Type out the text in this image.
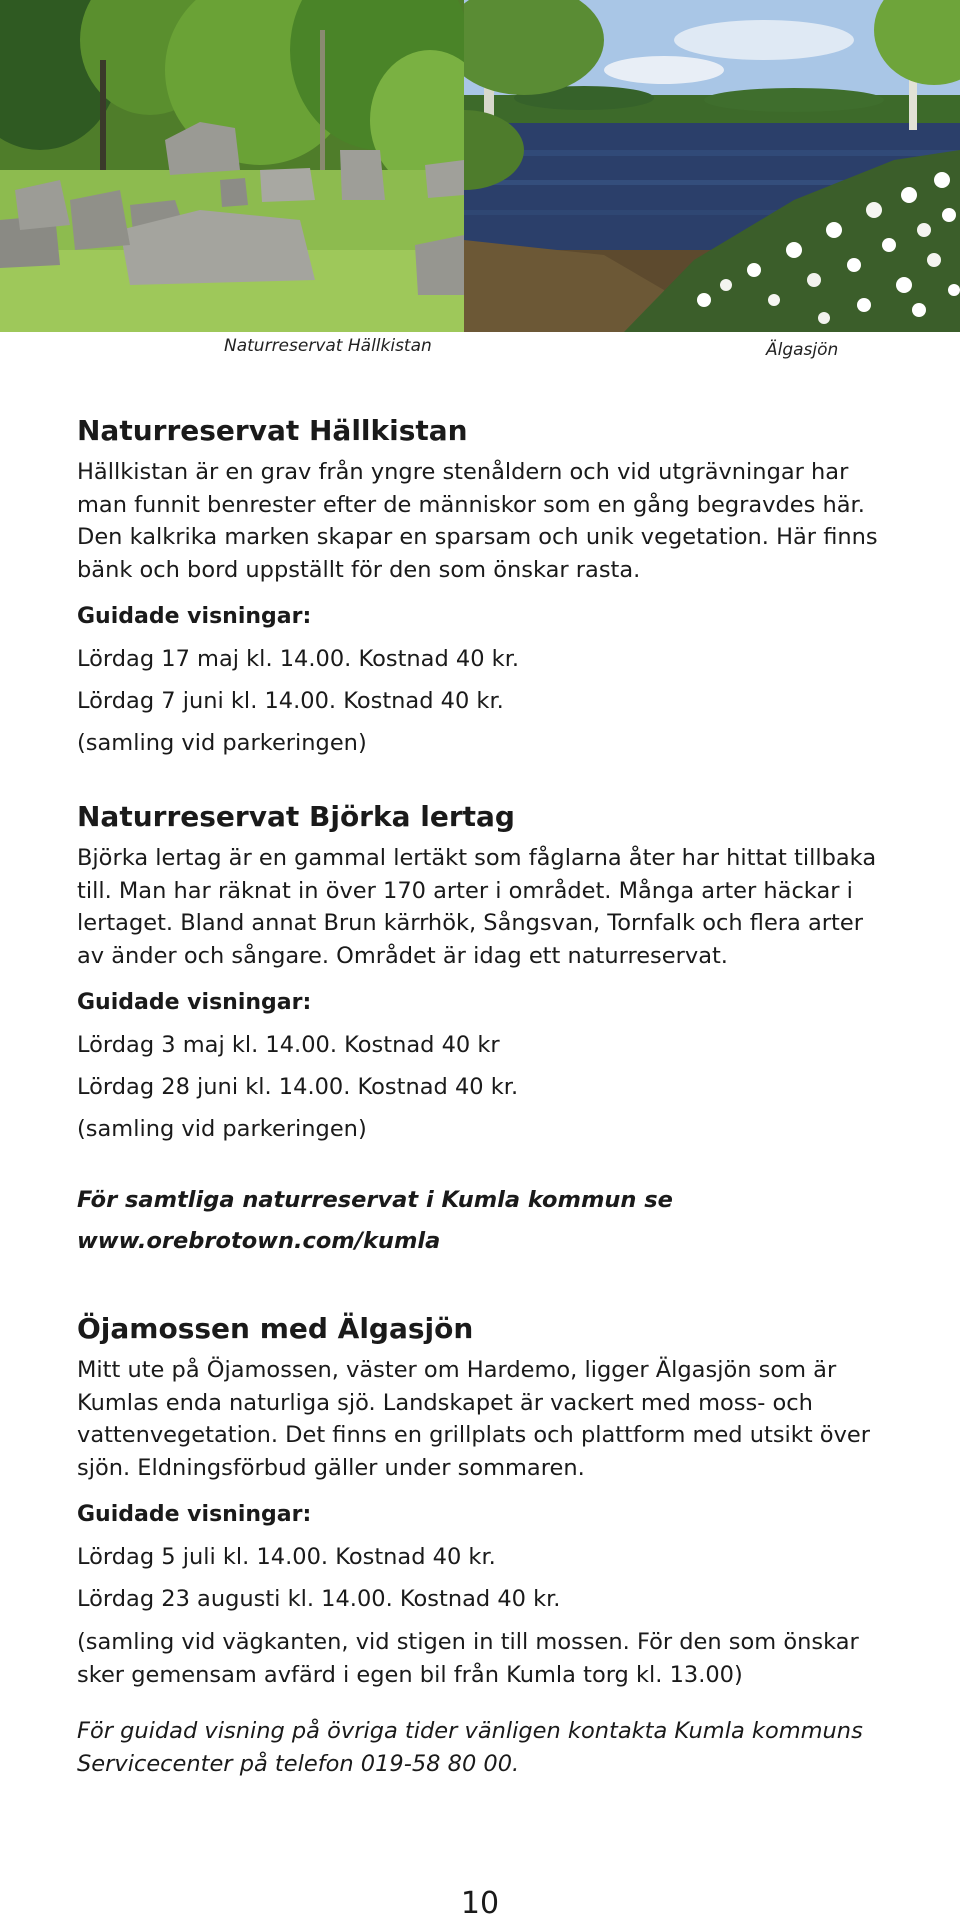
Naturreservat Hällkistan	Älgasjön
Naturreservat Hällkistan

Hällkistan är en grav från yngre stenåldern och vid utgrävningar har man funnit benrester efter de människor som en gång begravdes här. Den kalkrika marken skapar en sparsam och unik vegetation. Här finns bänk och bord uppställt för den som önskar rasta.

Guidade visningar:

Lördag 17 maj kl. 14.00. Kostnad 40 kr.

Lördag 7 juni kl. 14.00. Kostnad 40 kr.

(samling vid parkeringen)

Naturreservat Björka lertag

Björka lertag är en gammal lertäkt som fåglarna åter har hittat tillbaka till. Man har räknat in över 170 arter i området. Många arter häckar i lertaget. Bland annat Brun kärrhök, Sångsvan, Tornfalk och flera arter av änder och sångare. Området är idag ett naturreservat.

Guidade visningar:

Lördag 3 maj kl. 14.00. Kostnad 40 kr

Lördag 28 juni kl. 14.00. Kostnad 40 kr.

(samling vid parkeringen)

För samtliga naturreservat i Kumla kommun se
www.orebrotown.com/kumla

Öjamossen med Älgasjön

Mitt ute på Öjamossen, väster om Hardemo, ligger Älgasjön som är Kumlas enda naturliga sjö. Landskapet är vackert med moss- och vattenvegetation. Det finns en grillplats och plattform med utsikt över sjön. Eldningsförbud gäller under sommaren.

Guidade visningar:

Lördag 5 juli kl. 14.00. Kostnad 40 kr.

Lördag 23 augusti kl. 14.00. Kostnad 40 kr.

(samling vid vägkanten, vid stigen in till mossen. För den som önskar sker gemensam avfärd i egen bil från Kumla torg kl. 13.00)

För guidad visning på övriga tider vänligen kontakta Kumla kommuns Servicecenter på telefon 019-58 80 00.

10
